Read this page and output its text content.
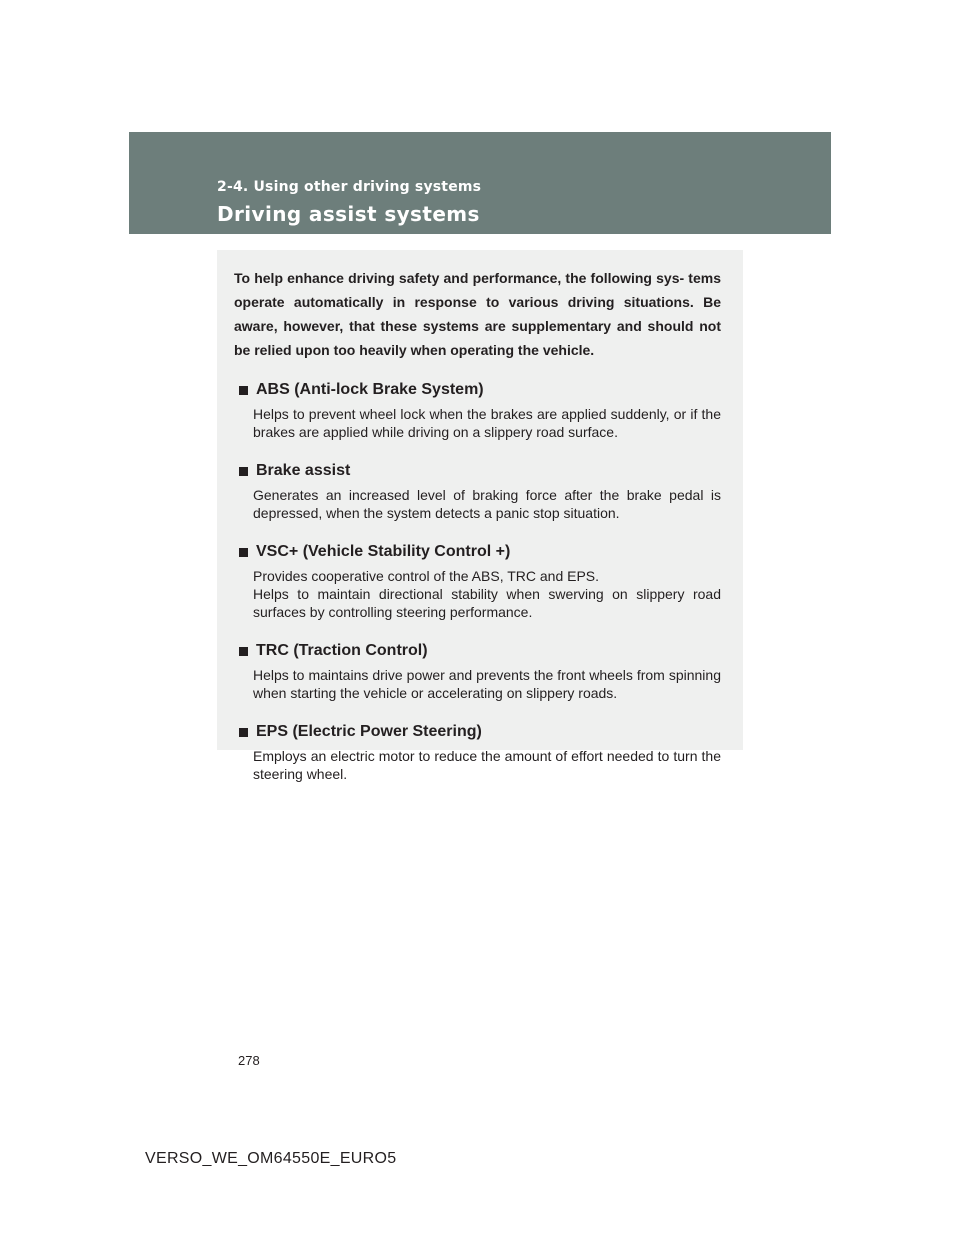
2-4. Using other driving systems
Driving assist systems

To help enhance driving safety and performance, the following sys- tems operate automatically in response to various driving situations. Be aware, however, that these systems are supplementary and should not be relied upon too heavily when operating the vehicle.

ABS (Anti-lock Brake System)
Helps to prevent wheel lock when the brakes are applied suddenly, or if the brakes are applied while driving on a slippery road surface.
Brake assist
Generates an increased level of braking force after the brake pedal is depressed, when the system detects a panic stop situation.
VSC+ (Vehicle Stability Control +)
Provides cooperative control of the ABS, TRC and EPS.
Helps to maintain directional stability when swerving on slippery road surfaces by controlling steering performance.
TRC (Traction Control)
Helps to maintains drive power and prevents the front wheels from spinning when starting the vehicle or accelerating on slippery roads.
EPS (Electric Power Steering)
Employs an electric motor to reduce the amount of effort needed to turn the steering wheel.
278
VERSO_WE_OM64550E_EURO5
